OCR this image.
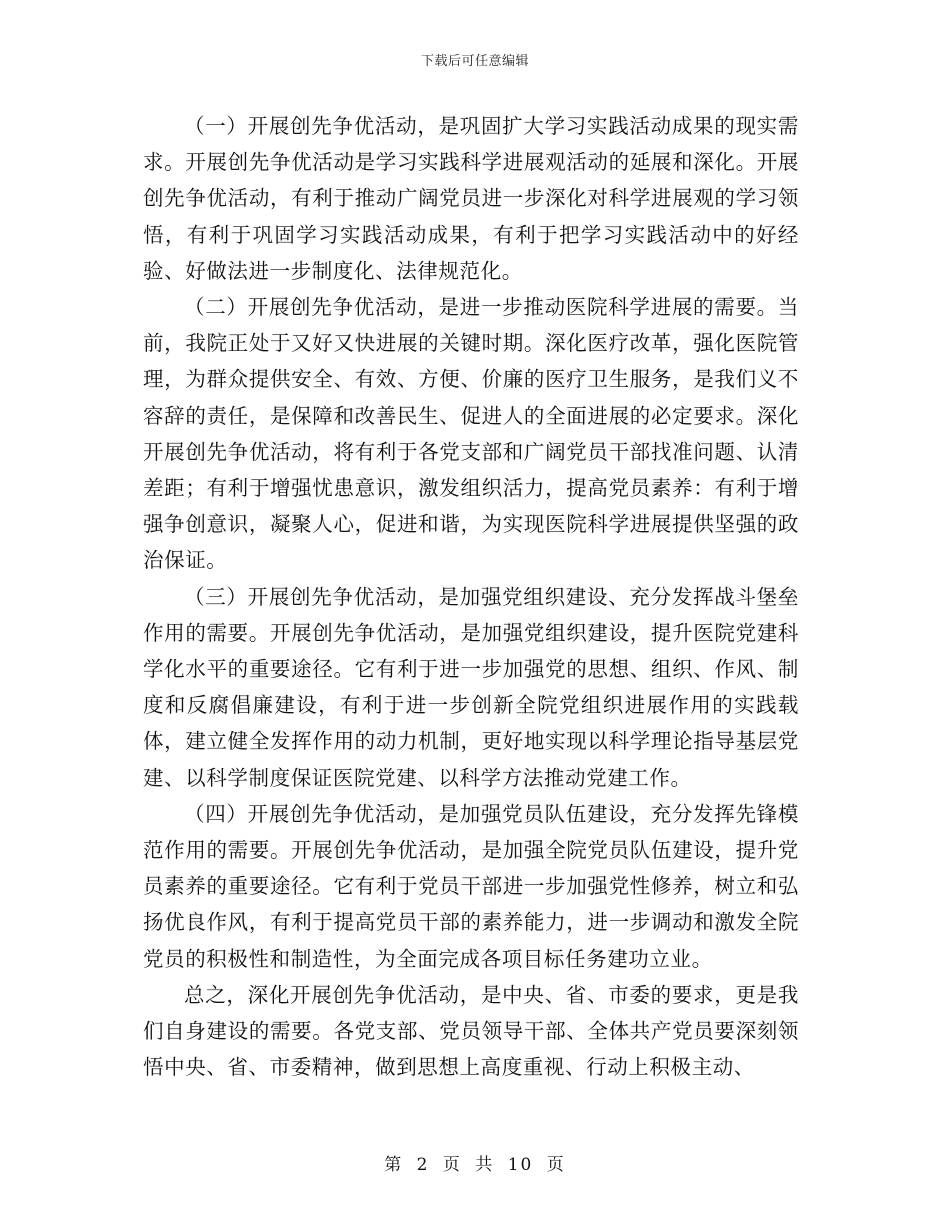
下载后可任意编辑

（一）开展创先争优活动，是巩固扩大学习实践活动成果的现实需求。开展创先争优活动是学习实践科学进展观活动的延展和深化。开展创先争优活动，有利于推动广阔党员进一步深化对科学进展观的学习领悟，有利于巩固学习实践活动成果，有利于把学习实践活动中的好经验、好做法进一步制度化、法律规范化。

（二）开展创先争优活动，是进一步推动医院科学进展的需要。当前，我院正处于又好又快进展的关键时期。深化医疗改革，强化医院管理，为群众提供安全、有效、方便、价廉的医疗卫生服务，是我们义不容辞的责任，是保障和改善民生、促进人的全面进展的必定要求。深化开展创先争优活动，将有利于各党支部和广阔党员干部找准问题、认清差距；有利于增强忧患意识，激发组织活力，提高党员素养：有利于增强争创意识，凝聚人心，促进和谐，为实现医院科学进展提供坚强的政治保证。

（三）开展创先争优活动，是加强党组织建设、充分发挥战斗堡垒作用的需要。开展创先争优活动，是加强党组织建设，提升医院党建科学化水平的重要途径。它有利于进一步加强党的思想、组织、作风、制度和反腐倡廉建设，有利于进一步创新全院党组织进展作用的实践载体，建立健全发挥作用的动力机制，更好地实现以科学理论指导基层党建、以科学制度保证医院党建、以科学方法推动党建工作。

（四）开展创先争优活动，是加强党员队伍建设，充分发挥先锋模范作用的需要。开展创先争优活动，是加强全院党员队伍建设，提升党员素养的重要途径。它有利于党员干部进一步加强党性修养，树立和弘扬优良作风，有利于提高党员干部的素养能力，进一步调动和激发全院党员的积极性和制造性，为全面完成各项目标任务建功立业。

总之，深化开展创先争优活动，是中央、省、市委的要求，更是我们自身建设的需要。各党支部、党员领导干部、全体共产党员要深刻领悟中央、省、市委精神，做到思想上高度重视、行动上积极主动、

第 2 页 共 10 页
